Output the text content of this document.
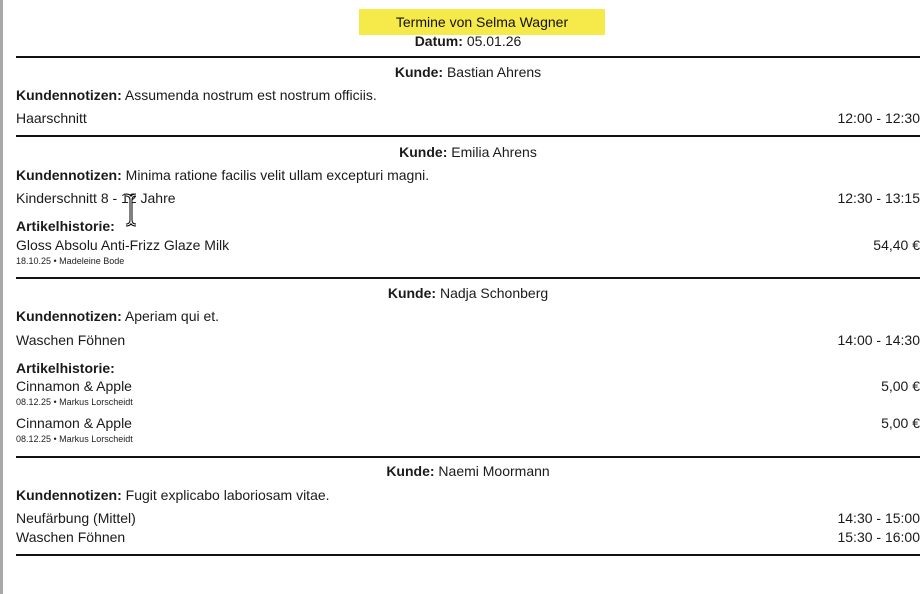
Termine von Selma Wagner
Datum: 05.01.26
Kunde: Bastian Ahrens
Kundennotizen: Assumenda nostrum est nostrum officiis.
Haarschnitt	12:00 - 12:30
Kunde: Emilia Ahrens
Kundennotizen: Minima ratione facilis velit ullam excepturi magni.
Kinderschnitt 8 - 12 Jahre	12:30 - 13:15
Artikelhistorie:
Gloss Absolu Anti-Frizz Glaze Milk	54,40 €
18.10.25 • Madeleine Bode
Kunde: Nadja Schonberg
Kundennotizen: Aperiam qui et.
Waschen Föhnen	14:00 - 14:30
Artikelhistorie:
Cinnamon & Apple	5,00 €
08.12.25 • Markus Lorscheidt
Cinnamon & Apple	5,00 €
08.12.25 • Markus Lorscheidt
Kunde: Naemi Moormann
Kundennotizen: Fugit explicabo laboriosam vitae.
Neufärbung (Mittel)	14:30 - 15:00
Waschen Föhnen	15:30 - 16:00
